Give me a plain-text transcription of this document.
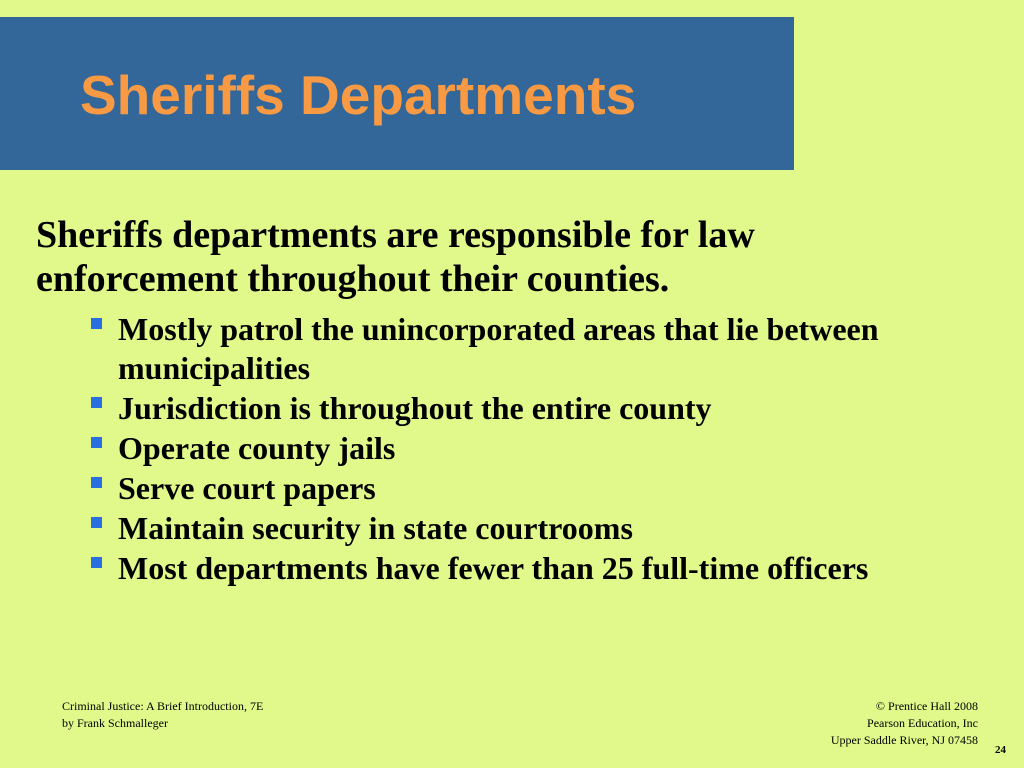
Sheriffs Departments
Sheriffs departments are responsible for law enforcement throughout their counties.
Mostly patrol the unincorporated areas that lie between municipalities
Jurisdiction is throughout the entire county
Operate county jails
Serve court papers
Maintain security in state courtrooms
Most departments have fewer than 25 full-time officers
Criminal Justice: A Brief Introduction, 7E
by Frank Schmalleger
© Prentice Hall 2008
Pearson Education, Inc
Upper Saddle River, NJ 07458
24
